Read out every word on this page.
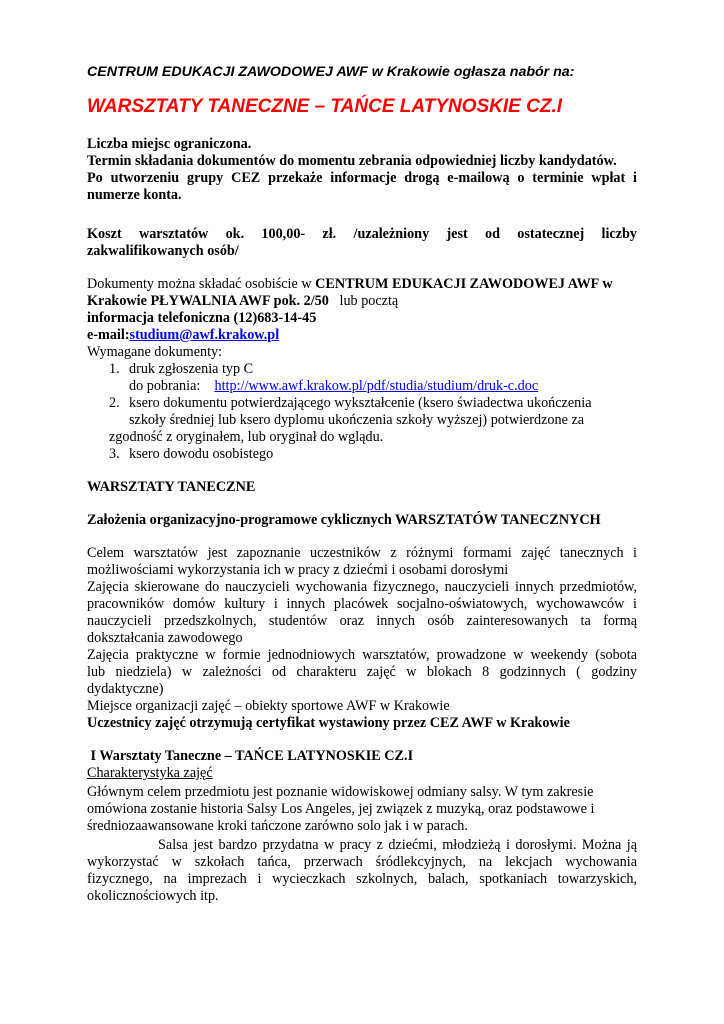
CENTRUM EDUKACJI ZAWODOWEJ AWF w Krakowie ogłasza nabór na:

WARSZTATY TANECZNE – TAŃCE LATYNOSKIE CZ.I

Liczba miejsc ograniczona.

Termin składania dokumentów do momentu zebrania odpowiedniej liczby kandydatów.

Po utworzeniu grupy CEZ przekaże informacje drogą e-mailową o terminie wpłat i

numerze konta.

Koszt warsztatów ok. 100,00- zł. /uzależniony jest od ostatecznej liczby

zakwalifikowanych osób/

Dokumenty można składać osobiście w CENTRUM EDUKACJI ZAWODOWEJ AWF w

Krakowie PŁYWALNIA AWF pok. 2/50   lub pocztą

informacja telefoniczna (12)683-14-45

e-mail:studium@awf.krakow.pl

Wymagane dokumenty:

1. druk zgłoszenia typ C

do pobrania: http://www.awf.krakow.pl/pdf/studia/studium/druk-c.doc

2. ksero dokumentu potwierdzającego wykształcenie (ksero świadectwa ukończenia

szkoły średniej lub ksero dyplomu ukończenia szkoły wyższej) potwierdzone za

zgodność z oryginałem, lub oryginał do wglądu.

3. ksero dowodu osobistego

WARSZTATY TANECZNE

Założenia organizacyjno-programowe cyklicznych WARSZTATÓW TANECZNYCH

Celem warsztatów jest zapoznanie uczestników z różnymi formami zajęć tanecznych i

możliwościami wykorzystania ich w pracy z dziećmi i osobami dorosłymi

Zajęcia skierowane do nauczycieli wychowania fizycznego, nauczycieli innych przedmiotów,

pracowników domów kultury i innych placówek socjalno-oświatowych, wychowawców i

nauczycieli przedszkolnych, studentów oraz innych osób zainteresowanych ta formą

dokształcania zawodowego

Zajęcia praktyczne w formie jednodniowych warsztatów, prowadzone w weekendy (sobota

lub niedziela) w zależności od charakteru zajęć w blokach 8 godzinnych ( godziny

dydaktyczne)

Miejsce organizacji zajęć – obiekty sportowe AWF w Krakowie

Uczestnicy zajęć otrzymują certyfikat wystawiony przez CEZ AWF w Krakowie

I Warsztaty Taneczne – TAŃCE LATYNOSKIE CZ.I

Charakterystyka zajęć

Głównym celem przedmiotu jest poznanie widowiskowej odmiany salsy. W tym zakresie

omówiona zostanie historia Salsy Los Angeles, jej związek z muzyką, oraz podstawowe i

średniozaawansowane kroki tańczone zarówno solo jak i w parach.

Salsa jest bardzo przydatna w pracy z dziećmi, młodzieżą i dorosłymi. Można ją

wykorzystać w szkołach tańca, przerwach śródlekcyjnych, na lekcjach wychowania

fizycznego, na imprezach i wycieczkach szkolnych, balach, spotkaniach towarzyskich,

okolicznościowych itp.
